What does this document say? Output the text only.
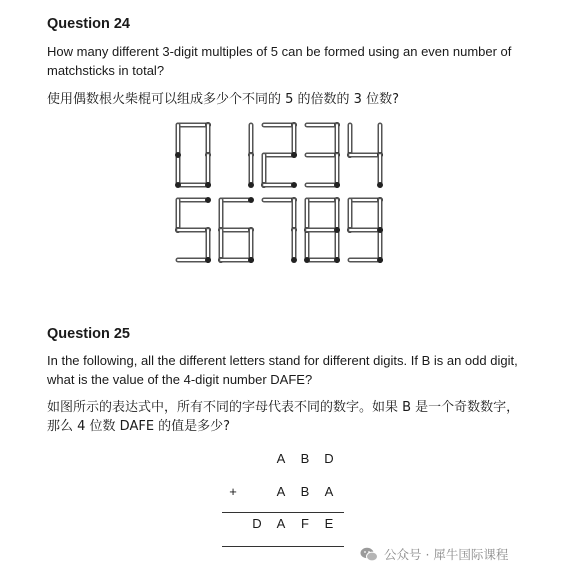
Question 24
How many different 3-digit multiples of 5 can be formed using an even number of matchsticks in total?
使用偶数根火柴棍可以组成多少个不同的 5 的倍数的 3 位数?
Question 25
In the following, all the different letters stand for different digits. If B is an odd digit, what is the value of the 4-digit number DAFE?
如图所示的表达式中，所有不同的字母代表不同的数字。如果 B 是一个奇数数字，那么 4 位数 DAFE 的值是多少?
A B D
+	A B A
D A F E
公众号 · 犀牛国际课程
